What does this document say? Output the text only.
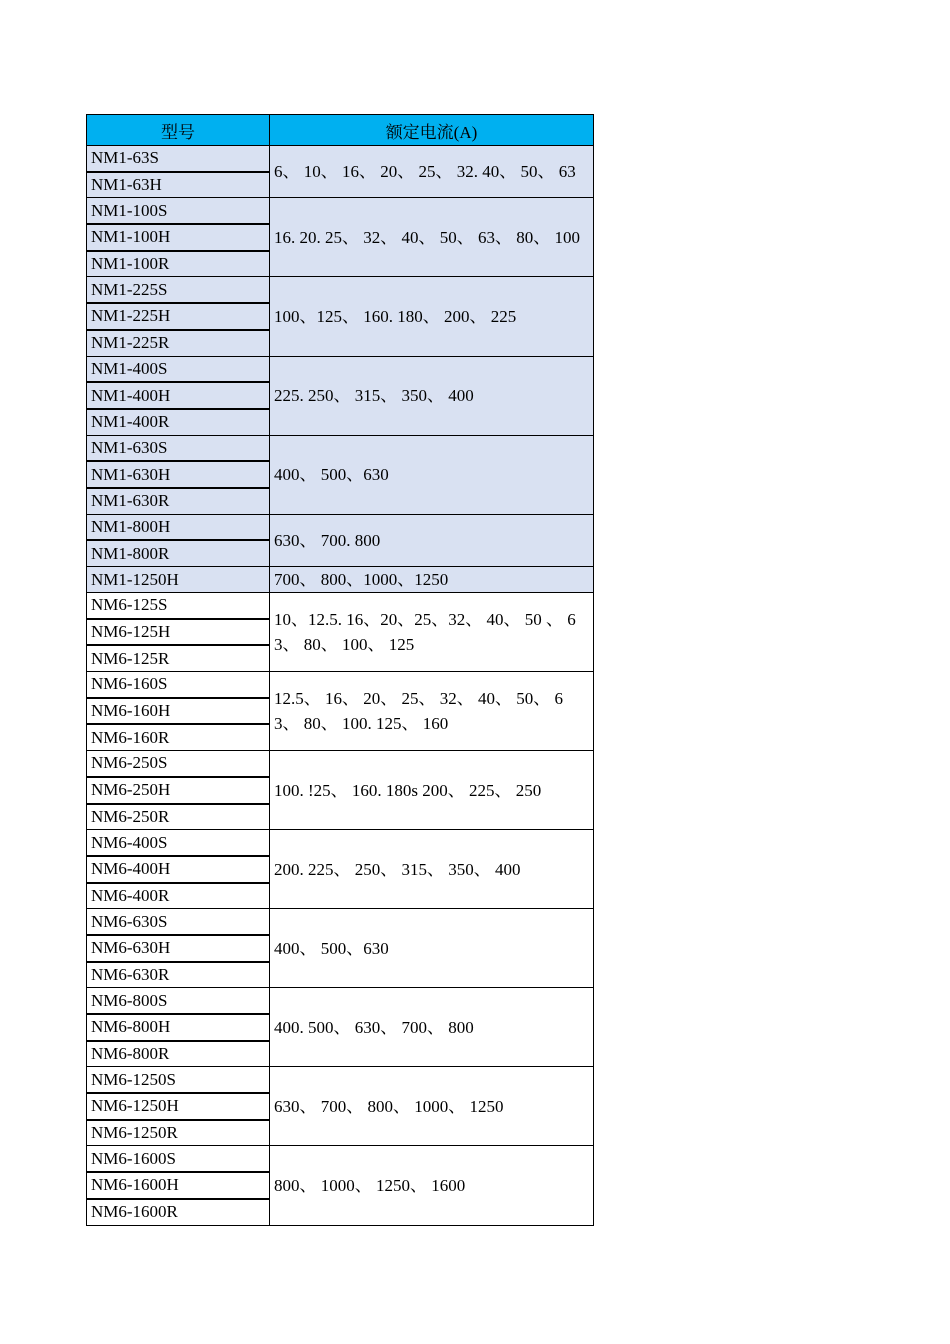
型号	额定电流(A)
NM1-63S	6、 10、 16、 20、 25、 32. 40、 50、 63
NM1-63H	
NM1-100S	16. 20. 25、 32、 40、 50、 63、 80、 100
NM1-100H	
NM1-100R	
NM1-225S	100、125、 160. 180、 200、 225
NM1-225H	
NM1-225R	
NM1-400S	225. 250、 315、 350、 400
NM1-400H	
NM1-400R	
NM1-630S	400、 500、630
NM1-630H	
NM1-630R	
NM1-800H	630、 700. 800
NM1-800R	
NM1-1250H	700、 800、1000、1250
NM6-125S	10、12.5. 16、20、25、32、 40、 50 、 63、 80、 100、 125
NM6-125H	
NM6-125R	
NM6-160S	12.5、 16、 20、 25、 32、 40、 50、 63、 80、 100. 125、 160
NM6-160H	
NM6-160R	
NM6-250S	100. !25、 160. 180s 200、 225、 250
NM6-250H	
NM6-250R	
NM6-400S	200. 225、 250、 315、 350、 400
NM6-400H	
NM6-400R	
NM6-630S	400、 500、630
NM6-630H	
NM6-630R	
NM6-800S	400. 500、 630、 700、 800
NM6-800H	
NM6-800R	
NM6-1250S	630、 700、 800、 1000、 1250
NM6-1250H	
NM6-1250R	
NM6-1600S	800、 1000、 1250、 1600
NM6-1600H	
NM6-1600R	
